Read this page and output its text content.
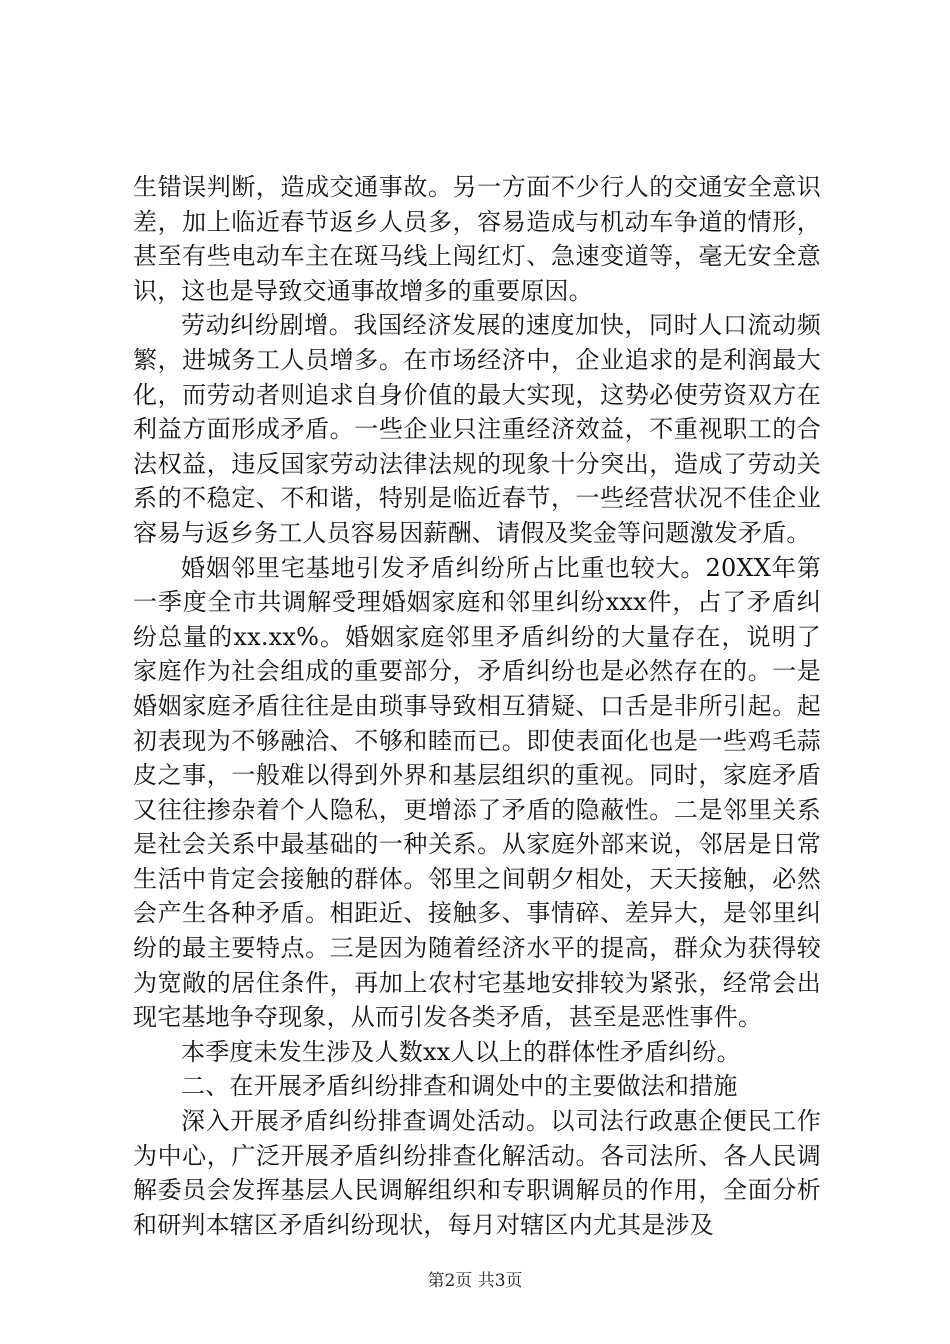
生错误判断，造成交通事故。另一方面不少行人的交通安全意识差，加上临近春节返乡人员多，容易造成与机动车争道的情形，甚至有些电动车主在斑马线上闯红灯、急速变道等，毫无安全意识，这也是导致交通事故增多的重要原因。

劳动纠纷剧增。我国经济发展的速度加快，同时人口流动频繁，进城务工人员增多。在市场经济中，企业追求的是利润最大化，而劳动者则追求自身价值的最大实现，这势必使劳资双方在利益方面形成矛盾。一些企业只注重经济效益，不重视职工的合法权益，违反国家劳动法律法规的现象十分突出，造成了劳动关系的不稳定、不和谐，特别是临近春节，一些经营状况不佳企业容易与返乡务工人员容易因薪酬、请假及奖金等问题激发矛盾。

婚姻邻里宅基地引发矛盾纠纷所占比重也较大。20XX年第一季度全市共调解受理婚姻家庭和邻里纠纷xxx件，占了矛盾纠纷总量的xx.xx%。婚姻家庭邻里矛盾纠纷的大量存在，说明了家庭作为社会组成的重要部分，矛盾纠纷也是必然存在的。一是婚姻家庭矛盾往往是由琐事导致相互猜疑、口舌是非所引起。起初表现为不够融洽、不够和睦而已。即使表面化也是一些鸡毛蒜皮之事，一般难以得到外界和基层组织的重视。同时，家庭矛盾又往往掺杂着个人隐私，更增添了矛盾的隐蔽性。二是邻里关系是社会关系中最基础的一种关系。从家庭外部来说，邻居是日常生活中肯定会接触的群体。邻里之间朝夕相处，天天接触，必然会产生各种矛盾。相距近、接触多、事情碎、差异大，是邻里纠纷的最主要特点。三是因为随着经济水平的提高，群众为获得较为宽敞的居住条件，再加上农村宅基地安排较为紧张，经常会出现宅基地争夺现象，从而引发各类矛盾，甚至是恶性事件。

本季度未发生涉及人数xx人以上的群体性矛盾纠纷。

二、在开展矛盾纠纷排查和调处中的主要做法和措施

深入开展矛盾纠纷排查调处活动。以司法行政惠企便民工作为中心，广泛开展矛盾纠纷排查化解活动。各司法所、各人民调解委员会发挥基层人民调解组织和专职调解员的作用，全面分析和研判本辖区矛盾纠纷现状，每月对辖区内尤其是涉及

第2页 共3页
